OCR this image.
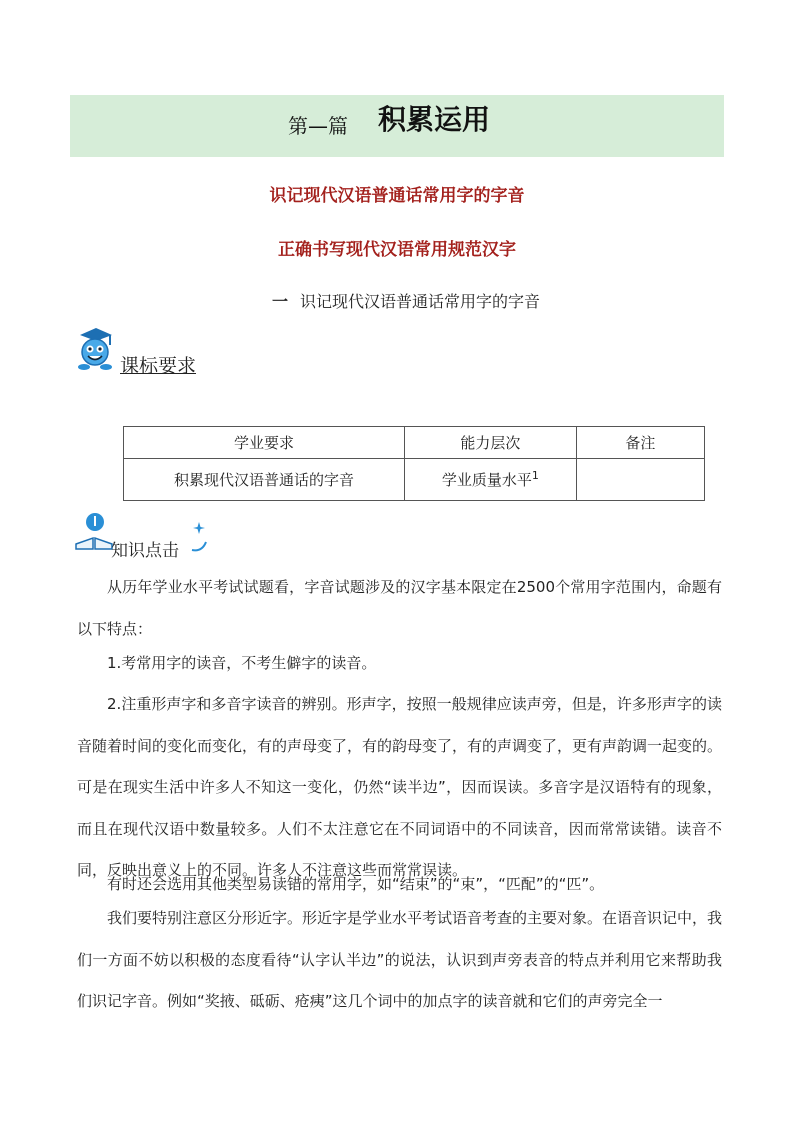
第—篇 积累运用
识记现代汉语普通话常用字的字音
正确书写现代汉语常用规范汉字
一 识记现代汉语普通话常用字的字音
课标要求
学业要求	能力层次	备注
积累现代汉语普通话的字音	学业质量水平$^1$	
知识点击

从历年学业水平考试试题看，字音试题涉及的汉字基本限定在2500个常用字范围内，命题有以下特点：

1.考常用字的读音，不考生僻字的读音。

2.注重形声字和多音字读音的辨别。形声字，按照一般规律应读声旁，但是，许多形声字的读音随着时间的变化而变化，有的声母变了，有的韵母变了，有的声调变了，更有声韵调一起变的。可是在现实生活中许多人不知这一变化，仍然“读半边”，因而误读。多音字是汉语特有的现象，而且在现代汉语中数量较多。人们不太注意它在不同词语中的不同读音，因而常常读错。读音不同，反映出意义上的不同。许多人不注意这些而常常误读。

有时还会选用其他类型易读错的常用字，如“结束”的“束”，“匹配”的“匹”。

我们要特别注意区分形近字。形近字是学业水平考试语音考查的主要对象。在语音识记中，我们一方面不妨以积极的态度看待“认字认半边”的说法，认识到声旁表音的特点并利用它来帮助我们识记字音。例如“奖掖、砥砺、疮痍”这几个词中的加点字的读音就和它们的声旁完全一
